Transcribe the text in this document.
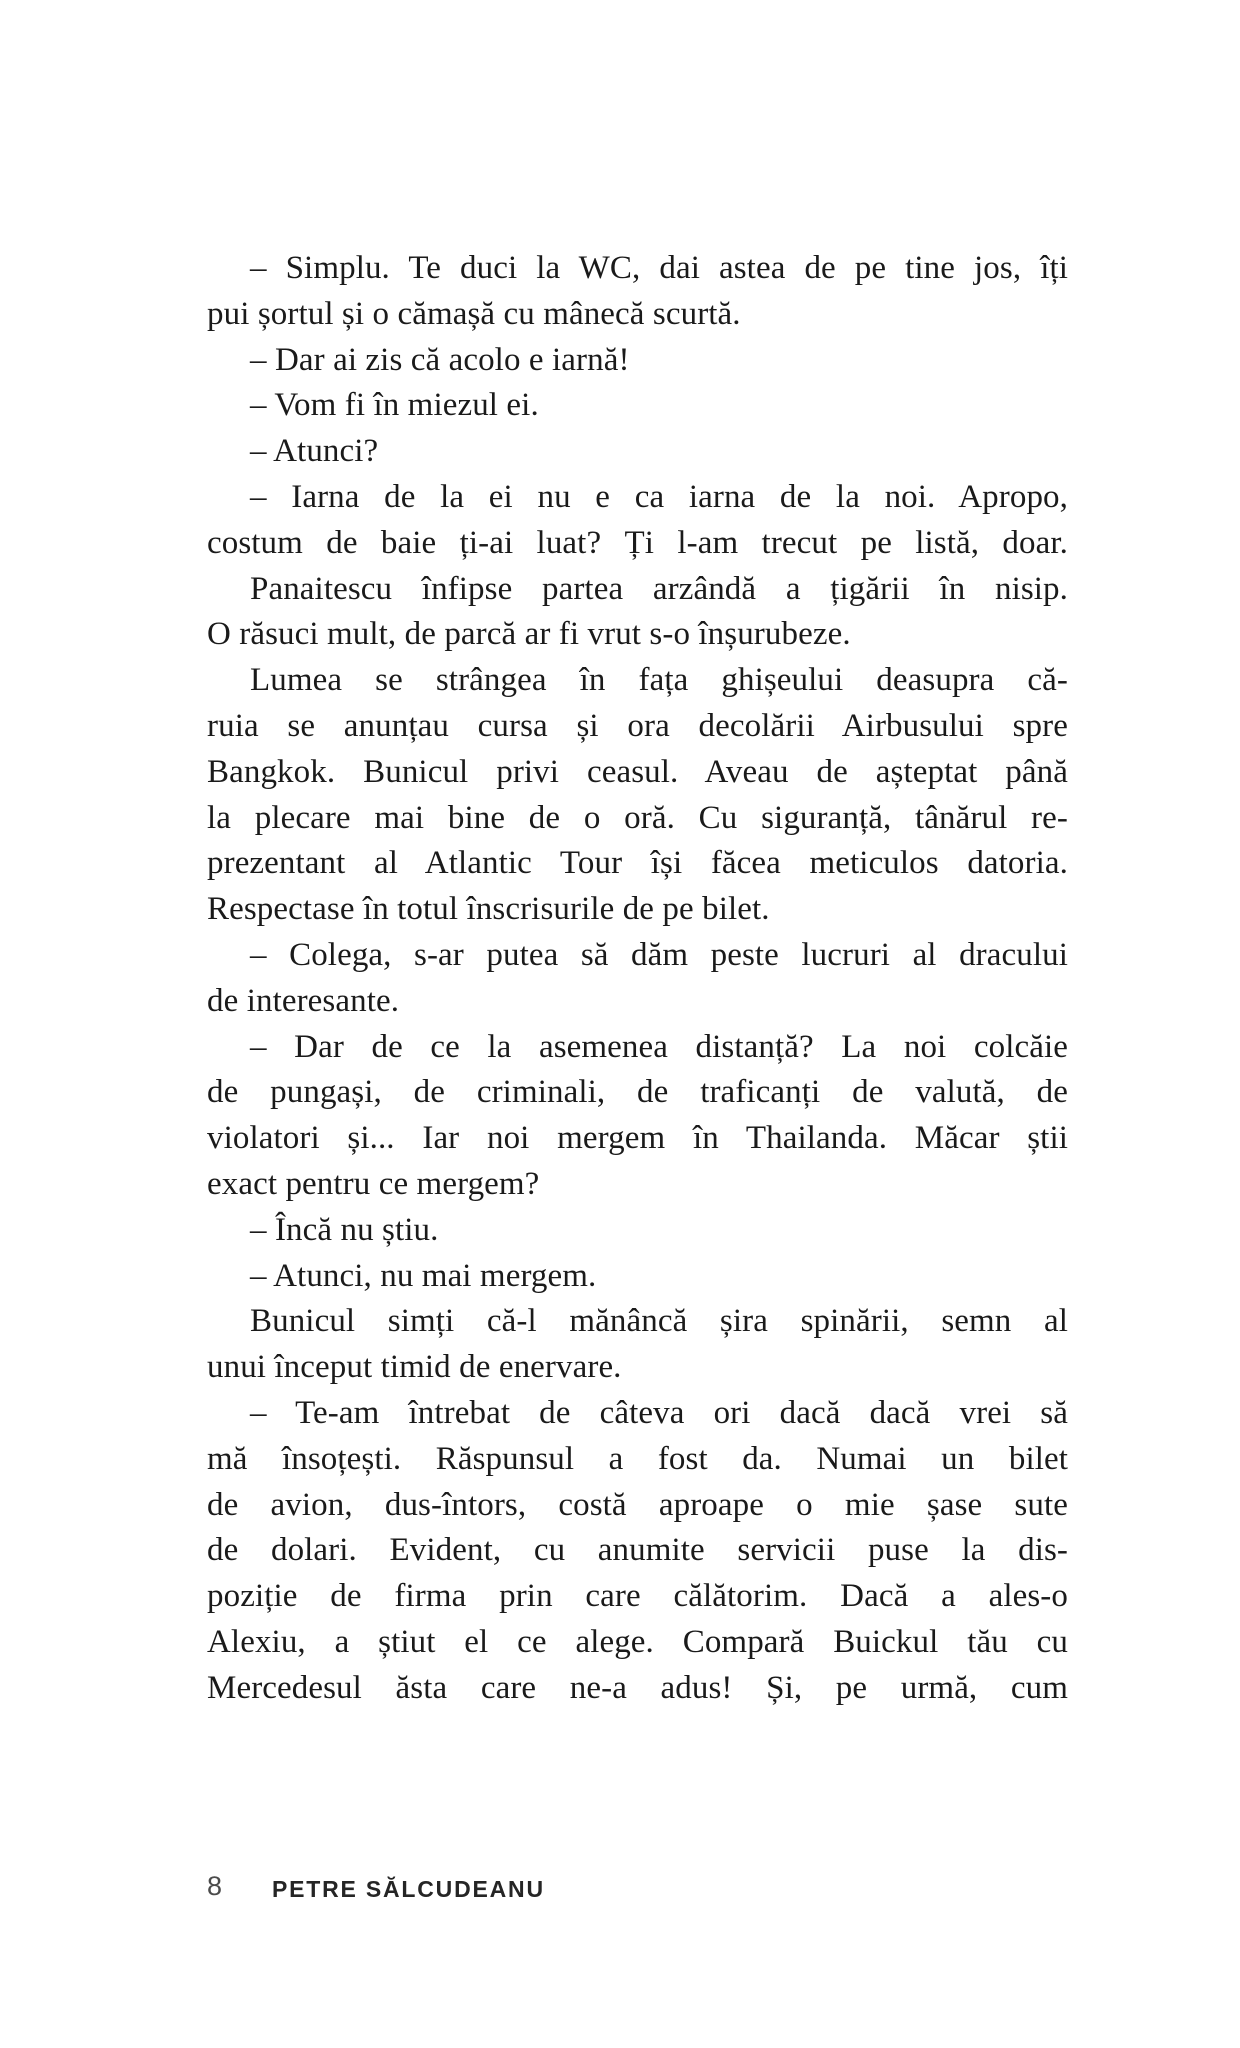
– Simplu. Te duci la WC, dai astea de pe tine jos, îți
pui șortul și o cămașă cu mânecă scurtă.
– Dar ai zis că acolo e iarnă!
– Vom fi în miezul ei.
– Atunci?
– Iarna de la ei nu e ca iarna de la noi. Apropo,
costum de baie ți-ai luat? Ți l-am trecut pe listă, doar.
Panaitescu înfipse partea arzândă a țigării în nisip.
O răsuci mult, de parcă ar fi vrut s-o înșurubeze.
Lumea se strângea în fața ghișeului deasupra că-
ruia se anunțau cursa și ora decolării Airbusului spre
Bangkok. Bunicul privi ceasul. Aveau de așteptat până
la plecare mai bine de o oră. Cu siguranță, tânărul re-
prezentant al Atlantic Tour își făcea meticulos datoria.
Respectase în totul înscrisurile de pe bilet.
– Colega, s-ar putea să dăm peste lucruri al dracului
de interesante.
– Dar de ce la asemenea distanță? La noi colcăie
de pungași, de criminali, de traficanți de valută, de
violatori și... Iar noi mergem în Thailanda. Măcar știi
exact pentru ce mergem?
– Încă nu știu.
– Atunci, nu mai mergem.
Bunicul simți că-l mănâncă șira spinării, semn al
unui început timid de enervare.
– Te-am întrebat de câteva ori dacă dacă vrei să
mă însoțești. Răspunsul a fost da. Numai un bilet
de avion, dus-întors, costă aproape o mie șase sute
de dolari. Evident, cu anumite servicii puse la dis-
poziție de firma prin care călătorim. Dacă a ales-o
Alexiu, a știut el ce alege. Compară Buickul tău cu
Mercedesul ăsta care ne-a adus! Și, pe urmă, cum
8 PETRE SĂLCUDEANU
